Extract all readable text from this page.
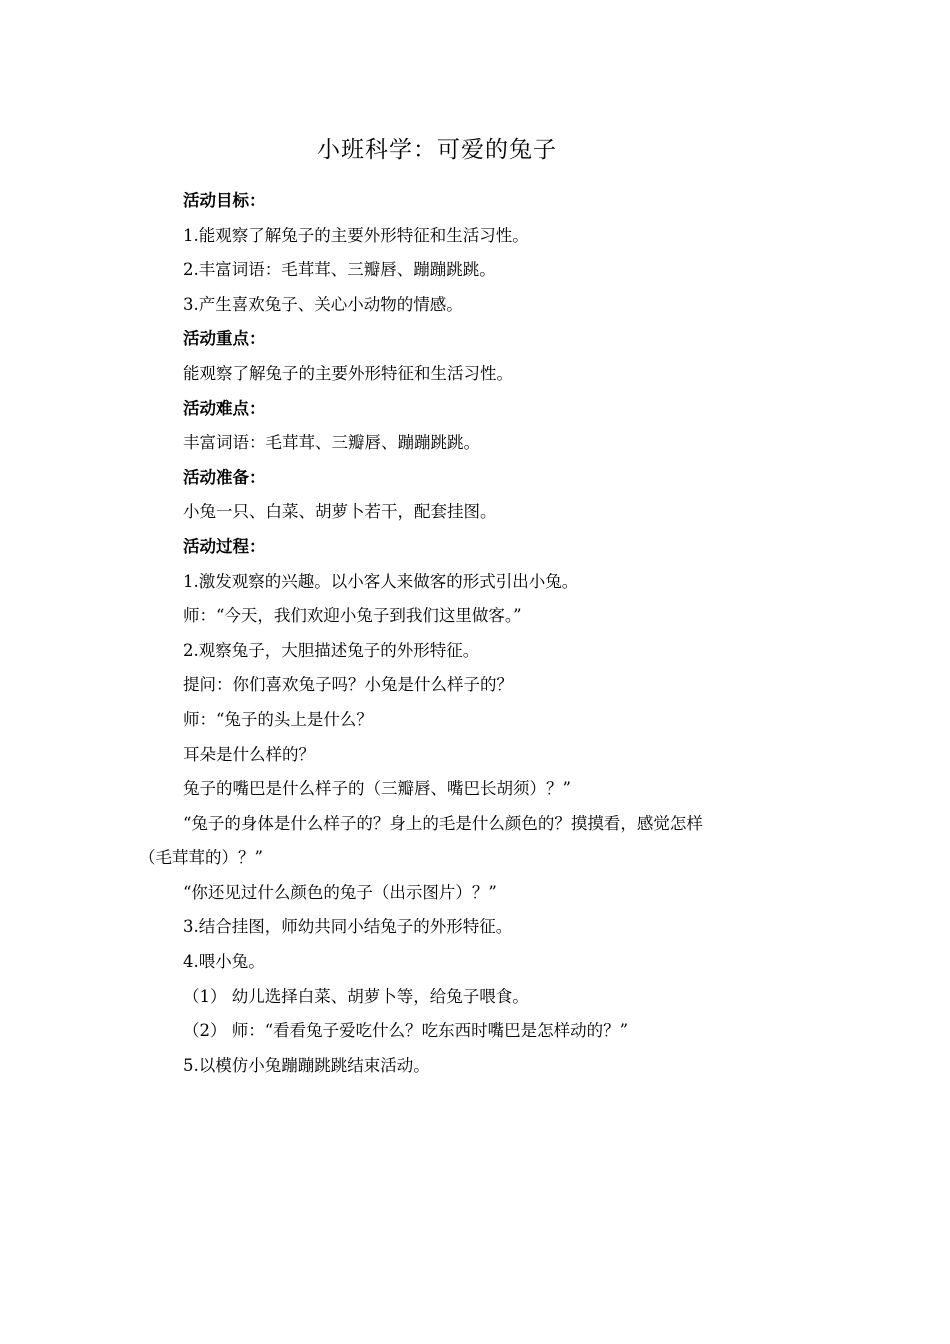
小班科学：可爱的兔子
活动目标：
1.能观察了解兔子的主要外形特征和生活习性。
2.丰富词语：毛茸茸、三瓣唇、蹦蹦跳跳。
3.产生喜欢兔子、关心小动物的情感。
活动重点：
能观察了解兔子的主要外形特征和生活习性。
活动难点：
丰富词语：毛茸茸、三瓣唇、蹦蹦跳跳。
活动准备：
小兔一只、白菜、胡萝卜若干，配套挂图。
活动过程：
1.激发观察的兴趣。以小客人来做客的形式引出小兔。
师：“今天，我们欢迎小兔子到我们这里做客。”
2.观察兔子，大胆描述兔子的外形特征。
提问：你们喜欢兔子吗？小兔是什么样子的？
师：“兔子的头上是什么？
耳朵是什么样的？
兔子的嘴巴是什么样子的（三瓣唇、嘴巴长胡须）？”
“兔子的身体是什么样子的？身上的毛是什么颜色的？摸摸看，感觉怎样
（毛茸茸的）？”
“你还见过什么颜色的兔子（出示图片）？”
3.结合挂图，师幼共同小结兔子的外形特征。
4.喂小兔。
（1） 幼儿选择白菜、胡萝卜等，给兔子喂食。
（2） 师：“看看兔子爱吃什么？吃东西时嘴巴是怎样动的？”
5.以模仿小兔蹦蹦跳跳结束活动。
